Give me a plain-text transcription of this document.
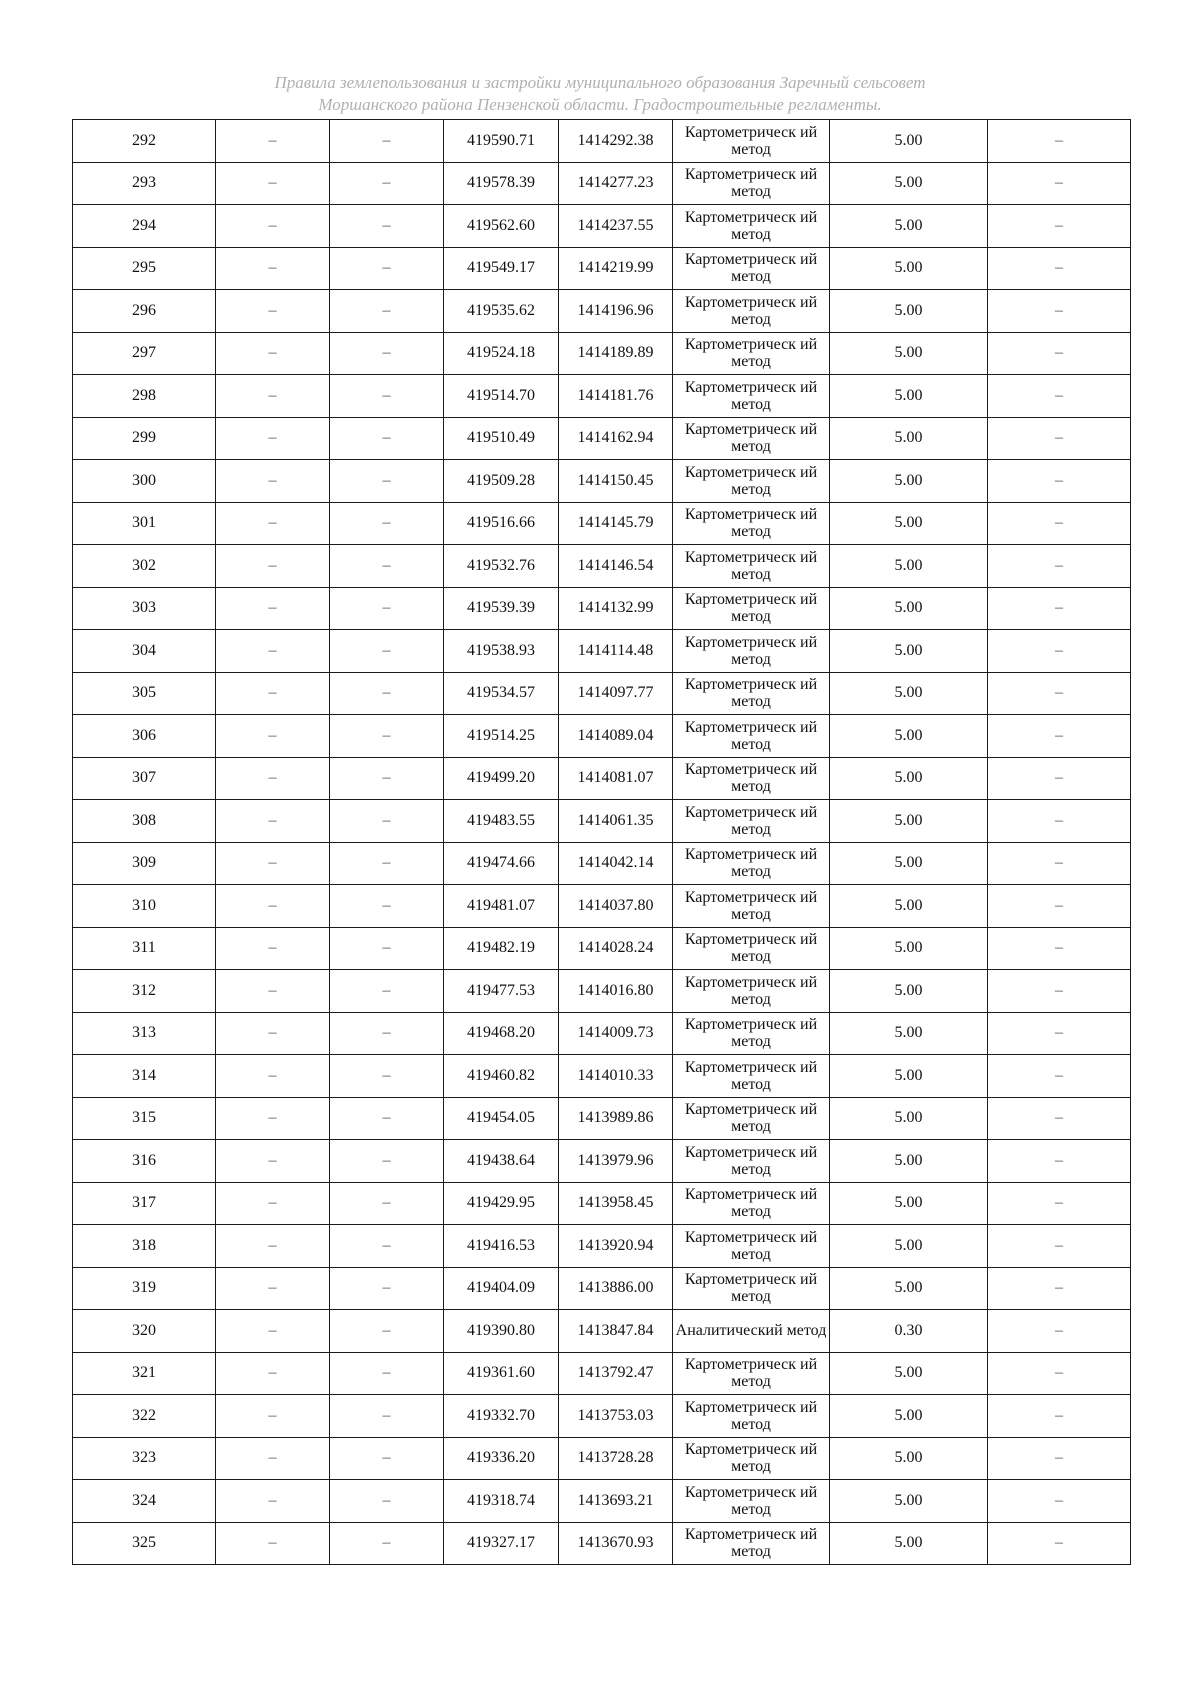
Правила землепользования и застройки муниципального образования Заречный сельсовет
Моршанского района Пензенской области. Градостроительные регламенты.
292	–	–	419590.71	1414292.38	Картометрическ ий метод	5.00	–
293	–	–	419578.39	1414277.23	Картометрическ ий метод	5.00	–
294	–	–	419562.60	1414237.55	Картометрическ ий метод	5.00	–
295	–	–	419549.17	1414219.99	Картометрическ ий метод	5.00	–
296	–	–	419535.62	1414196.96	Картометрическ ий метод	5.00	–
297	–	–	419524.18	1414189.89	Картометрическ ий метод	5.00	–
298	–	–	419514.70	1414181.76	Картометрическ ий метод	5.00	–
299	–	–	419510.49	1414162.94	Картометрическ ий метод	5.00	–
300	–	–	419509.28	1414150.45	Картометрическ ий метод	5.00	–
301	–	–	419516.66	1414145.79	Картометрическ ий метод	5.00	–
302	–	–	419532.76	1414146.54	Картометрическ ий метод	5.00	–
303	–	–	419539.39	1414132.99	Картометрическ ий метод	5.00	–
304	–	–	419538.93	1414114.48	Картометрическ ий метод	5.00	–
305	–	–	419534.57	1414097.77	Картометрическ ий метод	5.00	–
306	–	–	419514.25	1414089.04	Картометрическ ий метод	5.00	–
307	–	–	419499.20	1414081.07	Картометрическ ий метод	5.00	–
308	–	–	419483.55	1414061.35	Картометрическ ий метод	5.00	–
309	–	–	419474.66	1414042.14	Картометрическ ий метод	5.00	–
310	–	–	419481.07	1414037.80	Картометрическ ий метод	5.00	–
311	–	–	419482.19	1414028.24	Картометрическ ий метод	5.00	–
312	–	–	419477.53	1414016.80	Картометрическ ий метод	5.00	–
313	–	–	419468.20	1414009.73	Картометрическ ий метод	5.00	–
314	–	–	419460.82	1414010.33	Картометрическ ий метод	5.00	–
315	–	–	419454.05	1413989.86	Картометрическ ий метод	5.00	–
316	–	–	419438.64	1413979.96	Картометрическ ий метод	5.00	–
317	–	–	419429.95	1413958.45	Картометрическ ий метод	5.00	–
318	–	–	419416.53	1413920.94	Картометрическ ий метод	5.00	–
319	–	–	419404.09	1413886.00	Картометрическ ий метод	5.00	–
320	–	–	419390.80	1413847.84	Аналитический метод	0.30	–
321	–	–	419361.60	1413792.47	Картометрическ ий метод	5.00	–
322	–	–	419332.70	1413753.03	Картометрическ ий метод	5.00	–
323	–	–	419336.20	1413728.28	Картометрическ ий метод	5.00	–
324	–	–	419318.74	1413693.21	Картометрическ ий метод	5.00	–
325	–	–	419327.17	1413670.93	Картометрическ ий метод	5.00	–
